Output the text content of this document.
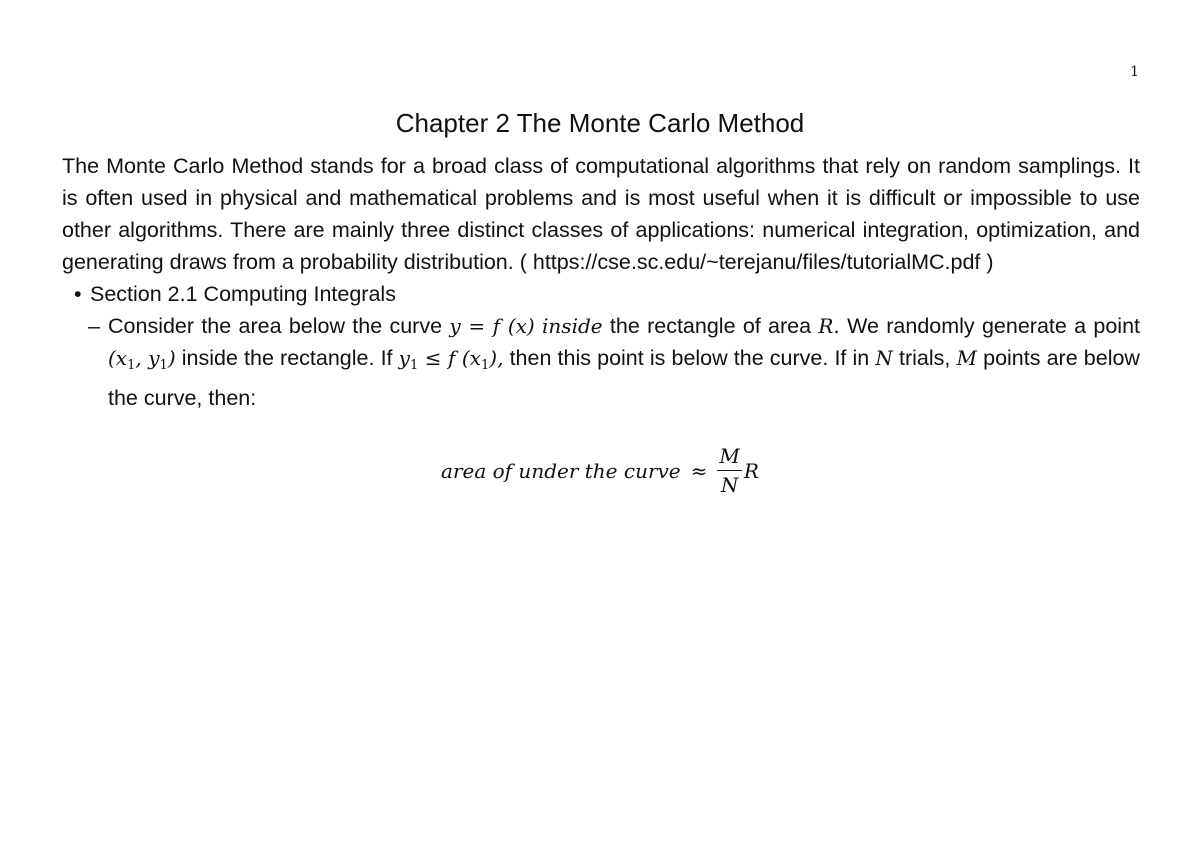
1
Chapter 2 The Monte Carlo Method

The Monte Carlo Method stands for a broad class of computational algorithms that rely on random samplings. It is often used in physical and mathematical problems and is most useful when it is difficult or impossible to use other algorithms. There are mainly three distinct classes of applications: numerical integration, optimization, and generating draws from a probability distribution. ( https://cse.sc.edu/~terejanu/files/tutorialMC.pdf )

• Section 2.1 Computing Integrals
– Consider the area below the curve y = f (x) inside the rectangle of area R. We randomly generate a point ($x_1$, $y_1$) inside the rectangle. If $y_1 \le f$ $(x_1)$, then this point is below the curve. If in N trials, M points are below the curve, then:
area of under the curve ≈ $\frac{M}{N}$ R
